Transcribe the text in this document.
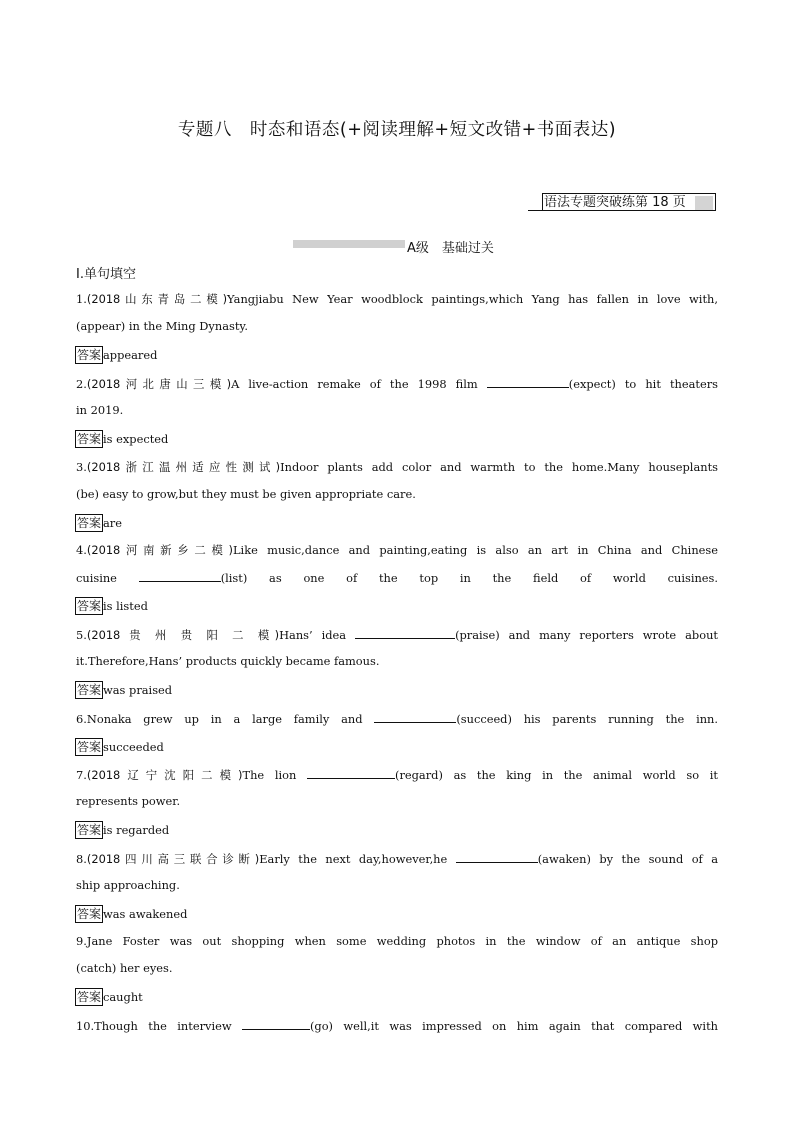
专题八　时态和语态(+阅读理解+短文改错+书面表达)
语法专题突破练第 18 页
A级　基础过关
Ⅰ.单句填空
1.(2018山东青岛二模)Yangjiabu New Year woodblock paintings,which Yang has fallen in love with,
(appear) in the Ming Dynasty.
答案 appeared
2.(2018河北唐山三模)A live-action remake of the 1998 film	(expect) to hit theaters
in 2019.
答案 is expected
3.(2018浙江温州适应性测试)Indoor plants add color and warmth to the home.Many houseplants
(be) easy to grow,but they must be given appropriate care.
答案 are
4.(2018河南新乡二模)Like music,dance and painting,eating is also an art in China and Chinese
cuisine	(list) as one of the top in the field of world cuisines.
答案 is listed
5.(2018 贵 州 贵 阳 二 模)Hans’ idea	(praise) and many reporters wrote about
it.Therefore,Hans’ products quickly became famous.
答案 was praised
6.Nonaka grew up in a large family and	(succeed) his parents running the inn.
答案 succeeded
7.(2018辽宁沈阳二模)The lion	(regard) as the king in the animal world so it
represents power.
答案 is regarded
8.(2018四川高三联合诊断)Early the next day,however,he	(awaken) by the sound of a
ship approaching.
答案 was awakened
9.Jane Foster was out shopping when some wedding photos in the window of an antique shop
(catch) her eyes.
答案 caught
10.Though the interview	(go) well,it was impressed on him again that compared with
